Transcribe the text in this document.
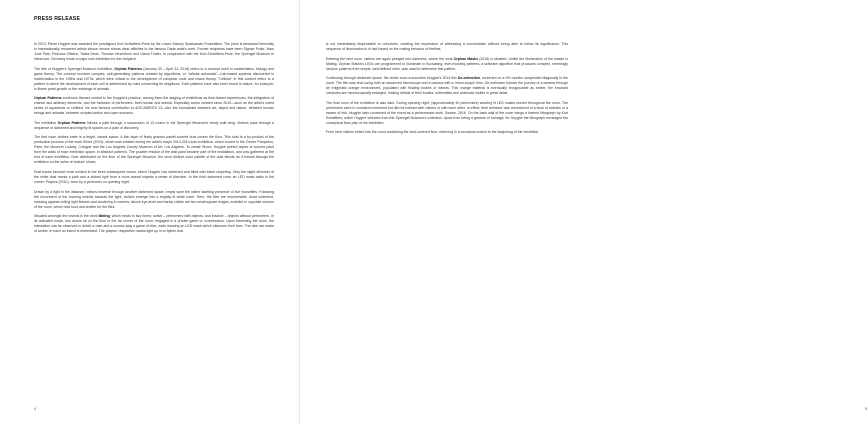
PRESS RELEASE

In 2010, Pierre Huyghe was awarded the prestigious Kurt-Schwitters-Prize by the Lower Saxony Sparkassen Foundation. The prize is bestowed biennially to internationally renowned artists whose oeuvre shows clear affinities to the famous Dada artist's work. Former recipients have been Sigmar Polke, Nam June Paik, Pedrosa Oiticica, Tacita Dean, Thomas Hirschhorn and Diana Thater. In conjunction with the Kurt-Schwitters-Prize, the Sprengel Museum in Hannover, Germany hosts a major solo exhibition for the recipient.

The title of Huyghe's Sprengel Museum exhibition, Orphan Patterns (January 30 – April 24, 2016) refers to a concept used in mathematics, biology and game theory. The concept involves complex, self-generating patterns created by algorithms, or "cellular automata"—rule-based systems discovered in mathematics in the 1950s and 1970s, which were critical to the development of computer code and chaos theory. "Cellular" in this context refers to a pattern in which the development of each cell is determined by rules concerning its neighbors. Such patterns have also been found in nature, for example, in flower petal growth or the markings of animals.

Orphan Patterns continues themes central to the Huyghe's practice, among them the staging of exhibitions as time-based experiences, the integration of chance and arbitrary elements, and the inclusion of performers, both human and animal. Especially works created since 2010—such as the artist's noted series of aquariums or Untilled, his now famous contribution to dOCUMENTA 13—blur the boundaries between art, object and nature, between human beings and animals, between scripted action and open scenario.

The exhibition Orphan Patterns follows a path through a succession of 13 rooms in the Sprengel Museum's newly built wing. Visitors pass through a sequence of darkened and brightly lit spaces on a path of discovery.

The first room visitors enter is a bright, vacant space. A thin layer of finely grained pastel-colored dust covers the floor. This dust is a by-product of the production process of the work Shore (2013), which was created during the artist's major 2013-2014 solo exhibition, which toured to the Centre Pompidou, Paris; the Museum Ludwig, Cologne and the Los Angeles County Museum of Art, Los Angeles. To create Shore, Huyghe peeled layers of colored paint from the walls of each exhibition space, in abstract patterns. The powder residue of the wall paint became part of the installation, and was gathered at the end of each exhibition. Now distributed on the floor of the Sprengel Museum, the once distinct color palette of the dust blends as it travels through the exhibition on the soles of visitors' shoes.

Dust tracks become most evident in the three subsequent rooms, which Huyghe has darkened and filled with black carpeting. Only the slight shimmer of the white dust marks a path and a distant light from a room ahead imparts a sense of direction. In the third darkened room an LED mask waits in the corner: Players (2010), worn by a performer on opening night.

Drawn by a light in the distance, visitors traverse through another darkened space, empty save the rather startling presence of live houseflies. Following the movement of the buzzing insects towards the light, visitors emerge into a brightly lit white room. Here, the flies are innumerable, dead underfoot, massing against ceiling light fixtures and clustering in corners. Above eye-level and barely visible are two small square ledges, installed in opposite corners of the room, which hold food and shelter for the flies.

Situated amongst the insects is the work Mating, which exists in two forms: active – performers with objects, and inactive – objects without performers. In its activated mode, two actors sit on the floor in the far corner of the room, engaged in a private game or conversation. Upon traversing the room, the interaction can be observed in detail: a man and a woman play a game of dice, each wearing an LED mask which obscures their face. The dice are made of amber, in each an insect is embedded. The players' respective masks light up in a rhythm that

4

is not immediately dispensable to onlookers, creating the impression of witnessing a conversation without being able to follow its significance. This sequence of illumination is in fact based on the mating behavior of fireflies.

Entering the next room, visitors are again plunged into darkness, where the work Orphan Masks (2016) is situated. Unlike the illumination of the masks in Mating, Orphan Masks's LEDs are programmed to illuminate in fluctuating, ever-evolving patterns, a software algorithm that produces complex, seemingly random patterns from simple, well-defined rules, was used to determine this pattern.

Continuing through darkened space, the visitor soon encounters Huyghe's 2014 film De-extinction, screened on a HD monitor suspended diagonally in the room. The film was shot using both an advanced microscope and a camera with a 'micro-scopic' lens. De-extinction follows the journey of a camera through an enigmatic orange environment, populated with floating bodies of insects. This orange material is eventually recognizable as amber, the encased creatures are microscopically enlarged, making details of their bodies, extremities and antennae visible in great detail.

The final room of the exhibition is also dark. During opening night, (approximately 40 performers) wearing lit LED masks moved throughout the room. The performers were in constant movement but did not interact with visitors or with each other. In effect, their behavior was reminiscent of a flock of animals or a swarm of fish. Huyghe later conceived of the event as a performance work, Swarm, 2016. On the back wall of the room hangs a framed lithograph by Kurt Schwitters, which Huyghe selected from the Sprengel Museum's collection. Apart from being a gesture of homage, for Huyghe the lithograph envisaged the conceptual floor plan of his exhibition.

From here visitors exited into the room containing the dust-covered floor, returning in a circuitous motion to the beginning of the exhibition.

5
